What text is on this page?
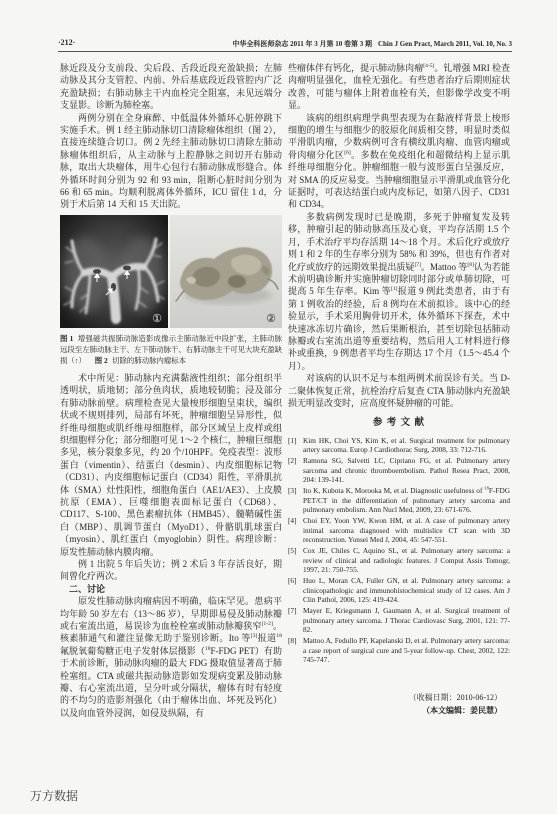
·212·	中华全科医师杂志 2011 年 3 月第 10 卷第 3 期 Chin J Gen Pract, March 2011, Vol. 10, No. 3

脉近段及分支前段、尖后段、舌段近段充盈缺损；左肺动脉及其分支管腔、内前、外后基底段近段管腔内广泛充盈缺损；右肺动脉主干内血栓完全阻塞，未见远端分支显影。诊断为肺栓塞。

两例分别在全身麻醉、中低温体外循环心脏停跳下实施手术。例 1 经主肺动脉切口清除瘤体组织（图 2），直接连续缝合切口。例 2 先经主肺动脉切口清除左肺动脉瘤体组织后，从主动脉与上腔静脉之间切开右肺动脉，取出大块瘤体，用牛心包行右肺动脉成形缝合。体外循环时间分别为 92 和 93 min，阻断心脏时间分别为 66 和 65 min。均顺利脱离体外循环，ICU 留住 1 d，分别于术后第 14 天和 15 天出院。

①	②
图 1 增强磁共振肺动脉造影成像示主肺动脉近中段扩张，主肺动脉远段至左肺动脉主干、左下肺动脉干、右肺动脉主干可见大块充盈缺损（↑） 图 2 切除的肺动脉内瘤标本

术中所见：肺动脉内充满黏液性组织；部分组织半透明状，质地韧；部分鱼肉状，质地较韧脆；浸及部分有肺动脉前壁。病理检查见大量梭形细胞呈束状，编织状或不规则排列，局部有坏死，肿瘤细胞呈异形性，似纤维母细胞或肌纤维母细胞样，部分区域呈上皮样或组织细胞样分化；部分细胞可见 1～2 个核仁，肿瘤巨细胞多见，核分裂象多见，约 20 个/10HPF。免疫表型：波形蛋白（vimentin）、结蛋白（desmin）、内皮细胞标记物（CD31）、内皮细胞标记蛋白（CD34）阳性，平滑肌抗体（SMA）灶性阳性，细胞角蛋白（AE1/AE3）、上皮膜抗原（EMA）、巨噬细胞表面标记蛋白（CD68）、CD117、S-100、黑色素瘤抗体（HMB45）、髓鞘碱性蛋白（MBP）、肌调节蛋白（MyoD1）、骨骼肌肌球蛋白（myosin）、肌红蛋白（myoglobin）阴性。病理诊断：原发性肺动脉内膜肉瘤。

例 1 出院 5 年后失访；例 2 术后 3 年存活良好，期间曾化疗两次。

二、讨论

原发性肺动脉肉瘤病因不明确，临床罕见。患病平均年龄 50 岁左右（13～86 岁），早期即易侵及肺动脉瓣或右室流出道，易误诊为血栓栓塞或肺动脉瓣狭窄[1-2]。核素肺通气和灌注显像无助于鉴别诊断。Ito 等[3]报道$^{18}$氟脱氧葡萄糖正电子发射体层摄影（$^{18}$F-FDG PET）有助于术前诊断，肺动脉肉瘤的最大 FDG 摄取值显著高于肺栓塞组。CTA 或磁共振动脉造影如发现病变累及肺动脉瓣、右心室流出道，呈分叶或分隔状，瘤体有时有轻度的不均匀的造影剂强化（由于瘤体出血、坏死及钙化）以及向血管外浸润，如侵及纵隔，有

些瘤体伴有钙化，提示肺动脉肉瘤[4-5]。钆增强 MRI 检查肉瘤明显强化，血栓无强化。有些患者治疗后期则症状改善，可能与瘤体上附着血栓有关，但影像学改变不明显。

该病的组织病理学典型表现为在黏液样背景上梭形细胞的增生与细胞少的胶原化间质相交替，明显时类似平滑肌肉瘤，少数病例可含有横纹肌肉瘤、血管肉瘤或骨肉瘤分化区[6]。多数在免疫组化和超微结构上显示肌纤维母细胞分化。肿瘤细胞一般与波形蛋白呈强反应，对 SMA 的反应易变。当肿瘤细胞显示平滑肌或血管分化证据时，可表达结蛋白或内皮标记，如第八因子、CD31 和 CD34。

多数病例发现时已是晚期，多死于肿瘤复发及转移，肿瘤引起的肺动脉高压及心衰，平均存活期 1.5 个月，手术治疗平均存活期 14～18 个月。术后化疗或放疗则 1 和 2 年的生存率分别为 58% 和 39%，但也有作者对化疗或放疗的远期效果提出质疑[7]。Mattoo 等[8]认为若能术前明确诊断并实施肿瘤切除同时部分或单肺切除，可提高 5 年生存率。Kim 等[1]报道 9 例此类患者，由于有第 1 例收治的经验，后 8 例均在术前拟诊。该中心的经验显示，手术采用胸骨切开术，体外循环下探查，术中快速冰冻切片确诊，然后果断根治，甚至切除包括肺动脉瓣或右室流出道等重要结构，然后用人工材料进行修补或重换，9 例患者平均生存期达 17 个月（1.5～45.4 个月）。

对该病的认识不足与本组两例术前误诊有关。当 D-二聚体恢复正常，抗栓治疗后复查 CTA 肺动脉内充盈缺损无明显改变时，应高度怀疑肿瘤的可能。

参 考 文 献
[1] Kim HK, Choi YS, Kim K, et al. Surgical treatment for pulmonary artery sarcoma. Europ J Cardiothorac Surg, 2008, 33: 712-716.
[2] Ramona SG, Salvetti LC, Cipriano FG, et al. Pulmonary artery sarcoma and chronic thromboembolism. Pathol Resea Pract, 2008, 204: 139-141.
[3] Ito K, Kubota K, Morooka M, et al. Diagnostic usefulness of $^{18}$F-FDG PET/CT in the differentiation of pulmonary artery sarcoma and pulmonary embolism. Ann Nucl Med, 2009, 23: 671-676.
[4] Choi EY, Yoon YW, Kwon HM, et al. A case of pulmonary artery intimal sarcoma diagnosed with multislice CT scan with 3D reconstruction. Yonsei Med J, 2004, 45: 547-551.
[5] Cox JE, Chiles C, Aquino SL, et al. Pulmonary artery sarcoma: a review of clinical and radiologic features. J Comput Assis Tomogr, 1997, 21: 750-755.
[6] Huo L, Moran CA, Fuller GN, et al. Pulmonary artery sarcoma: a clinicopathologic and immunohistochemical study of 12 cases. Am J Clin Pathol, 2006, 125: 419-424.
[7] Mayer E, Kriegsmann J, Gaumann A, et al. Surgical treatment of pulmonary artery sarcoma. J Thorac Cardiovasc Surg, 2001, 121: 77-82.
[8] Mattoo A, Fedullo PF, Kapelanski D, et al. Pulmonary artery sarcoma: a case report of surgical cure and 5-year follow-up. Chest, 2002, 122: 745-747.
（收稿日期：2010-06-12）
（本文编辑：姜民慧）
万方数据
